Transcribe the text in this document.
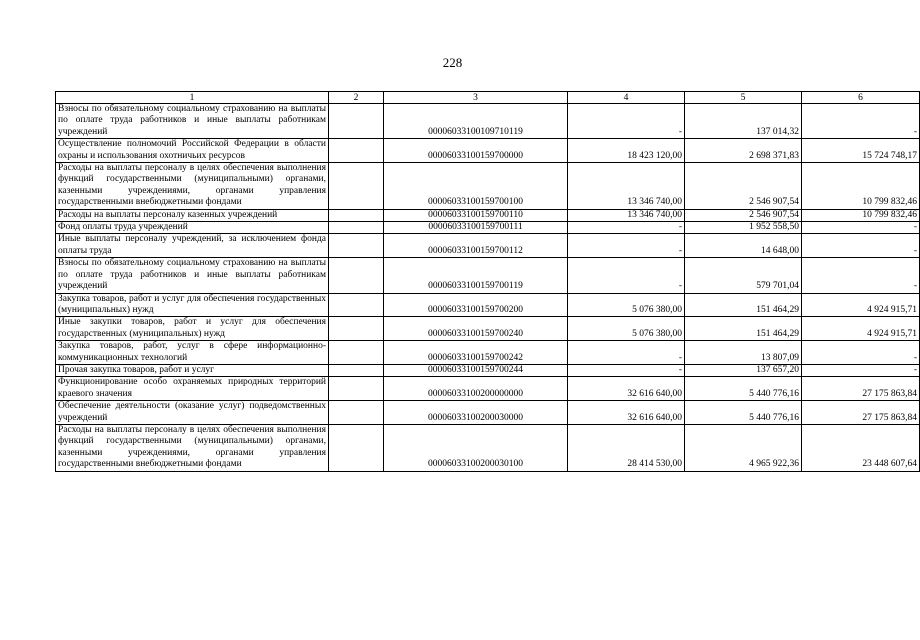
228
1	2	3	4	5	6
Взносы по обязательному социальному страхованию на выплаты по оплате труда работников и иные выплаты работникам учреждений		00006033100109710119	-	137 014,32	-
Осуществление полномочий Российской Федерации в области охраны и использования охотничьих ресурсов		00006033100159700000	18 423 120,00	2 698 371,83	15 724 748,17
Расходы на выплаты персоналу в целях обеспечения выполнения функций государственными (муниципальными) органами, казенными учреждениями, органами управления государственными внебюджетными фондами		00006033100159700100	13 346 740,00	2 546 907,54	10 799 832,46
Расходы на выплаты персоналу казенных учреждений		00006033100159700110	13 346 740,00	2 546 907,54	10 799 832,46
Фонд оплаты труда учреждений		00006033100159700111	-	1 952 558,50	-
Иные выплаты персоналу учреждений, за исключением фонда оплаты труда		00006033100159700112	-	14 648,00	-
Взносы по обязательному социальному страхованию на выплаты по оплате труда работников и иные выплаты работникам учреждений		00006033100159700119	-	579 701,04	-
Закупка товаров, работ и услуг для обеспечения государственных (муниципальных) нужд		00006033100159700200	5 076 380,00	151 464,29	4 924 915,71
Иные закупки товаров, работ и услуг для обеспечения государственных (муниципальных) нужд		00006033100159700240	5 076 380,00	151 464,29	4 924 915,71
Закупка товаров, работ, услуг в сфере информационно-коммуникационных технологий		00006033100159700242	-	13 807,09	-
Прочая закупка товаров, работ и услуг		00006033100159700244	-	137 657,20	-
Функционирование особо охраняемых природных территорий краевого значения		00006033100200000000	32 616 640,00	5 440 776,16	27 175 863,84
Обеспечение деятельности (оказание услуг) подведомственных учреждений		00006033100200030000	32 616 640,00	5 440 776,16	27 175 863,84
Расходы на выплаты персоналу в целях обеспечения выполнения функций государственными (муниципальными) органами, казенными учреждениями, органами управления государственными внебюджетными фондами		00006033100200030100	28 414 530,00	4 965 922,36	23 448 607,64
